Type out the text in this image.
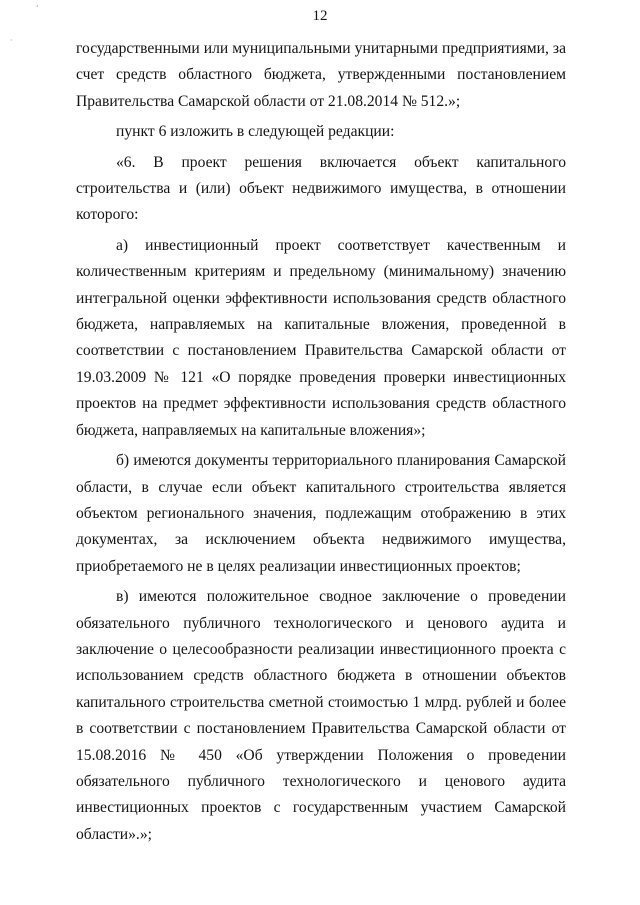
‘
·
12

государственными или муниципальными унитарными предприятиями, за счет средств областного бюджета, утвержденными постановлением Правительства Самарской области от 21.08.2014 № 512.»;

пункт 6 изложить в следующей редакции:

«6. В проект решения включается объект капитального строительства и (или) объект недвижимого имущества, в отношении которого:

а) инвестиционный проект соответствует качественным и количественным критериям и предельному (минимальному) значению интегральной оценки эффективности использования средств областного бюджета, направляемых на капитальные вложения, проведенной в соответствии с постановлением Правительства Самарской области от 19.03.2009 № 121 «О порядке проведения проверки инвестиционных проектов на предмет эффективности использования средств областного бюджета, направляемых на капитальные вложения»;

б) имеются документы территориального планирования Самарской области, в случае если объект капитального строительства является объектом регионального значения, подлежащим отображению в этих документах, за исключением объекта недвижимого имущества, приобретаемого не в целях реализации инвестиционных проектов;

в) имеются положительное сводное заключение о проведении обязательного публичного технологического и ценового аудита и заключение о целесообразности реализации инвестиционного проекта с использованием средств областного бюджета в отношении объектов капитального строительства сметной стоимостью 1 млрд. рублей и более в соответствии с постановлением Правительства Самарской области от 15.08.2016 № 450 «Об утверждении Положения о проведении обязательного публичного технологического и ценового аудита инвестиционных проектов с государственным участием Самарской области».»;
